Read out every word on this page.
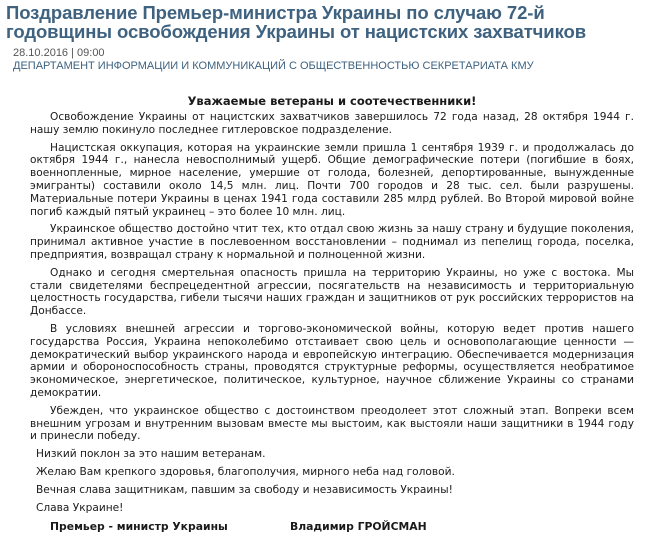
Поздравление Премьер-министра Украины по случаю 72-й годовщины освобождения Украины от нацистских захватчиков
28.10.2016 | 09:00
ДЕПАРТАМЕНТ ИНФОРМАЦИИ И КОММУНИКАЦИЙ С ОБЩЕСТВЕННОСТЬЮ СЕКРЕТАРИАТА КМУ
Уважаемые ветераны и соотечественники!

Освобождение Украины от нацистских захватчиков завершилось 72 года назад, 28 октября 1944 г. нашу землю покинуло последнее гитлеровское подразделение.

Нацистская оккупация, которая на украинские земли пришла 1 сентября 1939 г. и продолжалась до октября 1944 г., нанесла невосполнимый ущерб. Общие демографические потери (погибшие в боях, военнопленные, мирное население, умершие от голода, болезней, депортированные, вынужденные эмигранты) составили около 14,5 млн. лиц. Почти 700 городов и 28 тыс. сел. были разрушены. Материальные потери Украины в ценах 1941 года составили 285 млрд рублей. Во Второй мировой войне погиб каждый пятый украинец – это более 10 млн. лиц.

Украинское общество достойно чтит тех, кто отдал свою жизнь за нашу страну и будущие поколения, принимал активное участие в послевоенном восстановлении – поднимал из пепелищ города, поселка, предприятия, возвращал страну к нормальной и полноценной жизни.

Однако и сегодня смертельная опасность пришла на территорию Украины, но уже с востока. Мы стали свидетелями беспрецедентной агрессии, посягательств на независимость и территориальную целостность государства, гибели тысячи наших граждан и защитников от рук российских террористов на Донбассе.

В условиях внешней агрессии и торгово-экономической войны, которую ведет против нашего государства Россия, Украина непоколебимо отстаивает свою цель и основополагающие ценности — демократический выбор украинского народа и европейскую интеграцию. Обеспечивается модернизация армии и обороноспособность страны, проводятся структурные реформы, осуществляется необратимое экономическое, энергетическое, политическое, культурное, научное сближение Украины со странами демократии.

Убежден, что украинское общество с достоинством преодолеет этот сложный этап. Вопреки всем внешним угрозам и внутренним вызовам вместе мы выстоим, как выстояли наши защитники в 1944 году и принесли победу.

Низкий поклон за это нашим ветеранам.

Желаю Вам крепкого здоровья, благополучия, мирного неба над головой.

Вечная слава защитникам, павшим за свободу и независимость Украины!

Слава Украине!

Премьер - министр Украины	Владимир ГРОЙСМАН
